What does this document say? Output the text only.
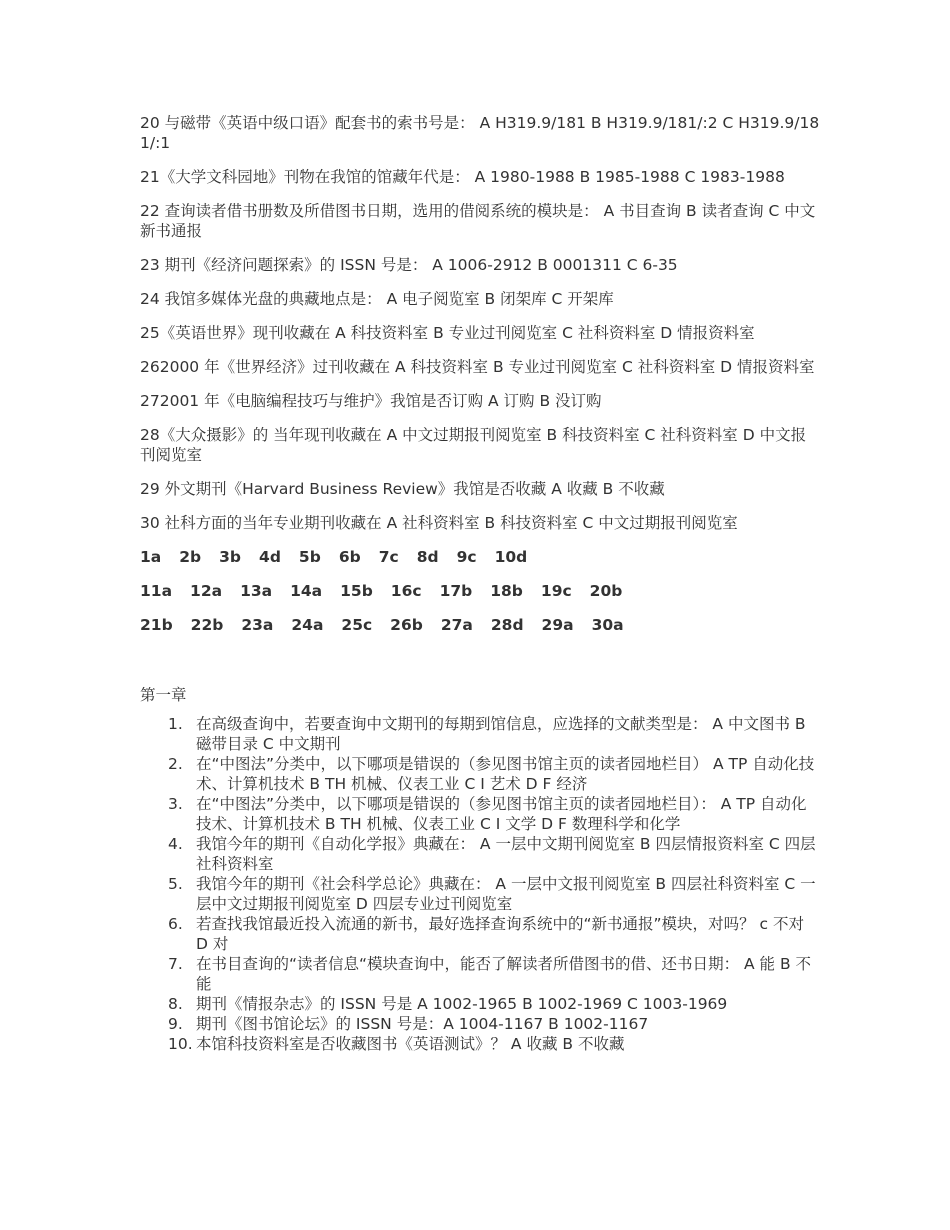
20 与磁带《英语中级口语》配套书的索书号是： A H319.9/181 B H319.9/181/:2 C H319.9/181/:1

21《大学文科园地》刊物在我馆的馆藏年代是： A 1980-1988 B 1985-1988 C 1983-1988

22 查询读者借书册数及所借图书日期，选用的借阅系统的模块是： A 书目查询 B 读者查询 C 中文新书通报

23 期刊《经济问题探索》的 ISSN 号是： A 1006-2912 B 0001311 C 6-35

24 我馆多媒体光盘的典藏地点是： A 电子阅览室 B 闭架库 C 开架库

25《英语世界》现刊收藏在 A 科技资料室 B 专业过刊阅览室 C 社科资料室 D 情报资料室

262000 年《世界经济》过刊收藏在 A 科技资料室 B 专业过刊阅览室 C 社科资料室 D 情报资料室

272001 年《电脑编程技巧与维护》我馆是否订购 A 订购 B 没订购

28《大众摄影》的 当年现刊收藏在 A 中文过期报刊阅览室 B 科技资料室 C 社科资料室 D 中文报刊阅览室

29 外文期刊《Harvard Business Review》我馆是否收藏 A 收藏 B 不收藏

30 社科方面的当年专业期刊收藏在 A 社科资料室 B 科技资料室 C 中文过期报刊阅览室

1a 2b 3b 4d 5b 6b 7c 8d 9c 10d
11a 12a 13a 14a 15b 16c 17b 18b 19c 20b
21b 22b 23a 24a 25c 26b 27a 28d 29a 30a
第一章
1. 在高级查询中，若要查询中文期刊的每期到馆信息，应选择的文献类型是： A 中文图书 B 磁带目录 C 中文期刊
2. 在“中图法”分类中，以下哪项是错误的（参见图书馆主页的读者园地栏目） A TP 自动化技术、计算机技术 B TH 机械、仪表工业 C I 艺术 D F 经济
3. 在“中图法”分类中，以下哪项是错误的（参见图书馆主页的读者园地栏目）： A TP 自动化技术、计算机技术 B TH 机械、仪表工业 C I 文学 D F 数理科学和化学
4. 我馆今年的期刊《自动化学报》典藏在： A 一层中文期刊阅览室 B 四层情报资料室 C 四层社科资料室
5. 我馆今年的期刊《社会科学总论》典藏在： A 一层中文报刊阅览室 B 四层社科资料室 C 一层中文过期报刊阅览室 D 四层专业过刊阅览室
6. 若查找我馆最近投入流通的新书，最好选择查询系统中的“新书通报”模块，对吗？ c 不对 D 对
7. 在书目查询的“读者信息“模块查询中，能否了解读者所借图书的借、还书日期： A 能 B 不能
8. 期刊《情报杂志》的 ISSN 号是 A 1002-1965 B 1002-1969 C 1003-1969
9. 期刊《图书馆论坛》的 ISSN 号是：A 1004-1167 B 1002-1167
10. 本馆科技资料室是否收藏图书《英语测试》？ A 收藏 B 不收藏
